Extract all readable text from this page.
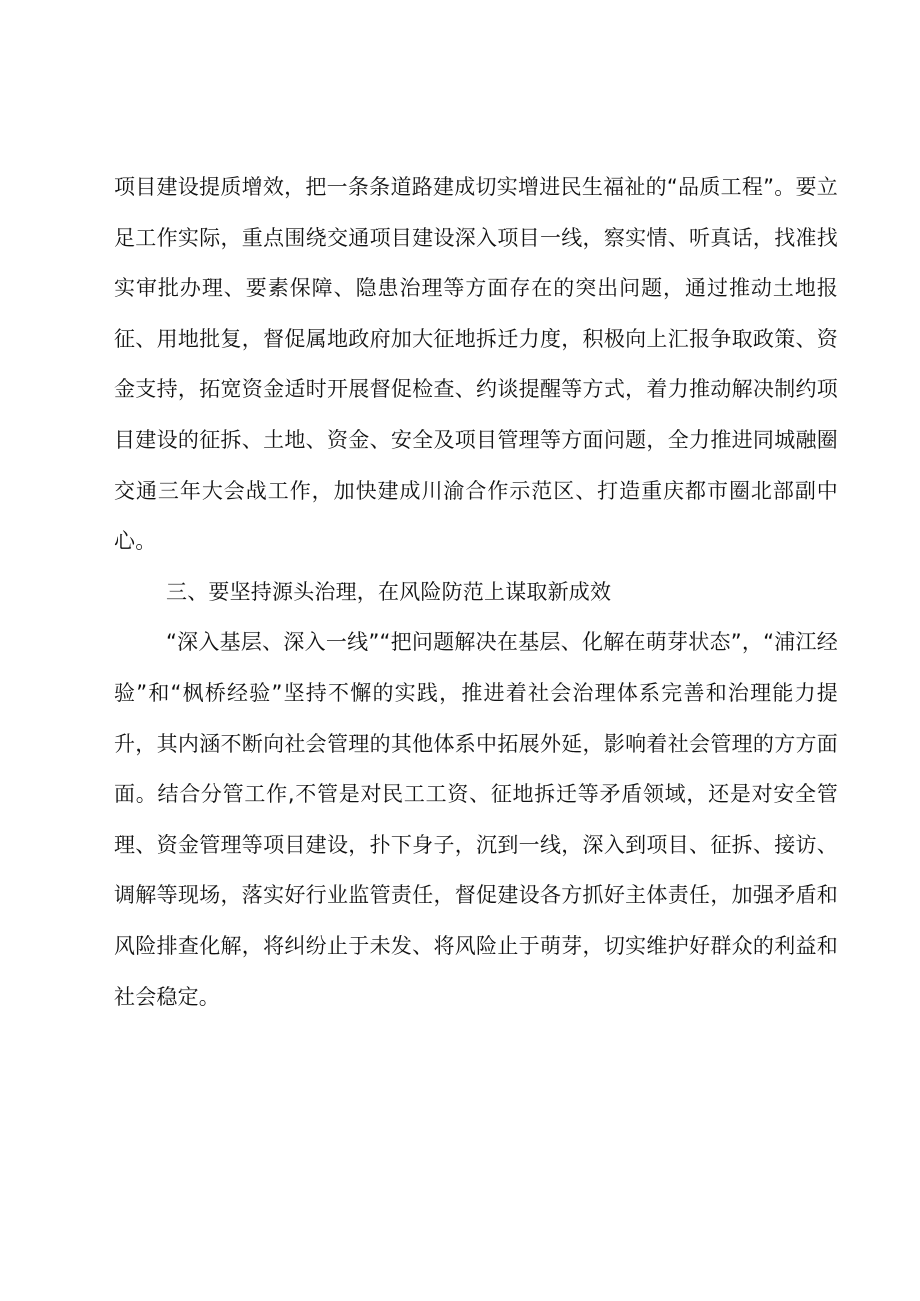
项目建设提质增效，把一条条道路建成切实增进民生福祉的“品质工程”。要立足工作实际，重点围绕交通项目建设深入项目一线，察实情、听真话，找准找实审批办理、要素保障、隐患治理等方面存在的突出问题，通过推动土地报征、用地批复，督促属地政府加大征地拆迁力度，积极向上汇报争取政策、资金支持，拓宽资金适时开展督促检查、约谈提醒等方式，着力推动解决制约项目建设的征拆、土地、资金、安全及项目管理等方面问题，全力推进同城融圈交通三年大会战工作，加快建成川渝合作示范区、打造重庆都市圈北部副中心。

三、要坚持源头治理，在风险防范上谋取新成效

“深入基层、深入一线”“把问题解决在基层、化解在萌芽状态”，“浦江经验”和“枫桥经验”坚持不懈的实践，推进着社会治理体系完善和治理能力提升，其内涵不断向社会管理的其他体系中拓展外延，影响着社会管理的方方面面。结合分管工作,不管是对民工工资、征地拆迁等矛盾领域，还是对安全管理、资金管理等项目建设，扑下身子，沉到一线，深入到项目、征拆、接访、调解等现场，落实好行业监管责任，督促建设各方抓好主体责任，加强矛盾和风险排查化解，将纠纷止于未发、将风险止于萌芽，切实维护好群众的利益和社会稳定。
